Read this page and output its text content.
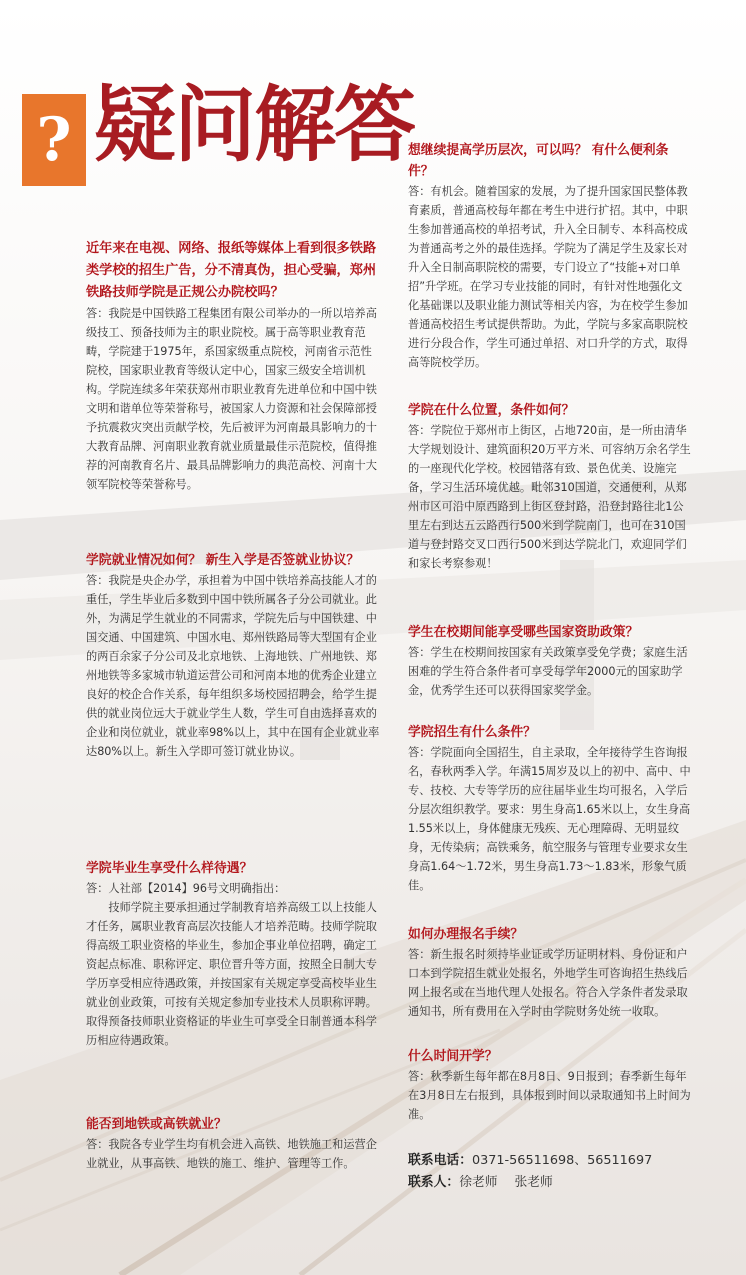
? 疑问解答

近年来在电视、网络、报纸等媒体上看到很多铁路类学校的招生广告，分不清真伪，担心受骗，郑州铁路技师学院是正规公办院校吗？

答：我院是中国铁路工程集团有限公司举办的一所以培养高级技工、预备技师为主的职业院校。属于高等职业教育范畴，学院建于1975年，系国家级重点院校，河南省示范性院校，国家职业教育等级认定中心，国家三级安全培训机构。学院连续多年荣获郑州市职业教育先进单位和中国中铁文明和谐单位等荣誉称号，被国家人力资源和社会保障部授予抗震救灾突出贡献学校，先后被评为河南最具影响力的十大教育品牌、河南职业教育就业质量最佳示范院校，值得推荐的河南教育名片、最具品牌影响力的典范高校、河南十大领军院校等荣誉称号。

学院就业情况如何？ 新生入学是否签就业协议？

答：我院是央企办学，承担着为中国中铁培养高技能人才的重任，学生毕业后多数到中国中铁所属各子分公司就业。此外，为满足学生就业的不同需求，学院先后与中国铁建、中国交通、中国建筑、中国水电、郑州铁路局等大型国有企业的两百余家子分公司及北京地铁、上海地铁、广州地铁、郑州地铁等多家城市轨道运营公司和河南本地的优秀企业建立良好的校企合作关系，每年组织多场校园招聘会，给学生提供的就业岗位远大于就业学生人数，学生可自由选择喜欢的企业和岗位就业，就业率98%以上，其中在国有企业就业率达80%以上。新生入学即可签订就业协议。

学院毕业生享受什么样待遇？

答：人社部【2014】96号文明确指出：

技师学院主要承担通过学制教育培养高级工以上技能人才任务，属职业教育高层次技能人才培养范畴。技师学院取得高级工职业资格的毕业生，参加企事业单位招聘，确定工资起点标准、职称评定、职位晋升等方面，按照全日制大专学历享受相应待遇政策，并按国家有关规定享受高校毕业生就业创业政策，可按有关规定参加专业技术人员职称评聘。取得预备技师职业资格证的毕业生可享受全日制普通本科学历相应待遇政策。

能否到地铁或高铁就业？

答：我院各专业学生均有机会进入高铁、地铁施工和运营企业就业，从事高铁、地铁的施工、维护、管理等工作。

想继续提高学历层次，可以吗？ 有什么便利条件？

答：有机会。随着国家的发展，为了提升国家国民整体教育素质，普通高校每年都在考生中进行扩招。其中，中职生参加普通高校的单招考试，升入全日制专、本科高校成为普通高考之外的最佳选择。学院为了满足学生及家长对升入全日制高职院校的需要，专门设立了“技能+对口单招”升学班。在学习专业技能的同时，有针对性地强化文化基础课以及职业能力测试等相关内容，为在校学生参加普通高校招生考试提供帮助。为此，学院与多家高职院校进行分段合作，学生可通过单招、对口升学的方式，取得高等院校学历。

学院在什么位置，条件如何？

答：学院位于郑州市上街区，占地720亩，是一所由清华大学规划设计、建筑面积20万平方米、可容纳万余名学生的一座现代化学校。校园错落有致、景色优美、设施完备，学习生活环境优越。毗邻310国道，交通便利，从郑州市区可沿中原西路到上街区登封路，沿登封路往北1公里左右到达五云路西行500米到学院南门，也可在310国道与登封路交叉口西行500米到达学院北门，欢迎同学们和家长考察参观！

学生在校期间能享受哪些国家资助政策？

答：学生在校期间按国家有关政策享受免学费；家庭生活困难的学生符合条件者可享受每学年2000元的国家助学金，优秀学生还可以获得国家奖学金。

学院招生有什么条件？

答：学院面向全国招生，自主录取，全年接待学生咨询报名，春秋两季入学。年满15周岁及以上的初中、高中、中专、技校、大专等学历的应往届毕业生均可报名，入学后分层次组织教学。要求：男生身高1.65米以上，女生身高1.55米以上，身体健康无残疾、无心理障碍、无明显纹身，无传染病；高铁乘务，航空服务与管理专业要求女生身高1.64～1.72米，男生身高1.73～1.83米，形象气质佳。

如何办理报名手续？

答：新生报名时须持毕业证或学历证明材料、身份证和户口本到学院招生就业处报名，外地学生可咨询招生热线后网上报名或在当地代理人处报名。符合入学条件者发录取通知书，所有费用在入学时由学院财务处统一收取。

什么时间开学？

答：秋季新生每年都在8月8日、9日报到；春季新生每年在3月8日左右报到，具体报到时间以录取通知书上时间为准。

联系电话：0371-56511698、56511697
联系人：徐老师　 张老师
